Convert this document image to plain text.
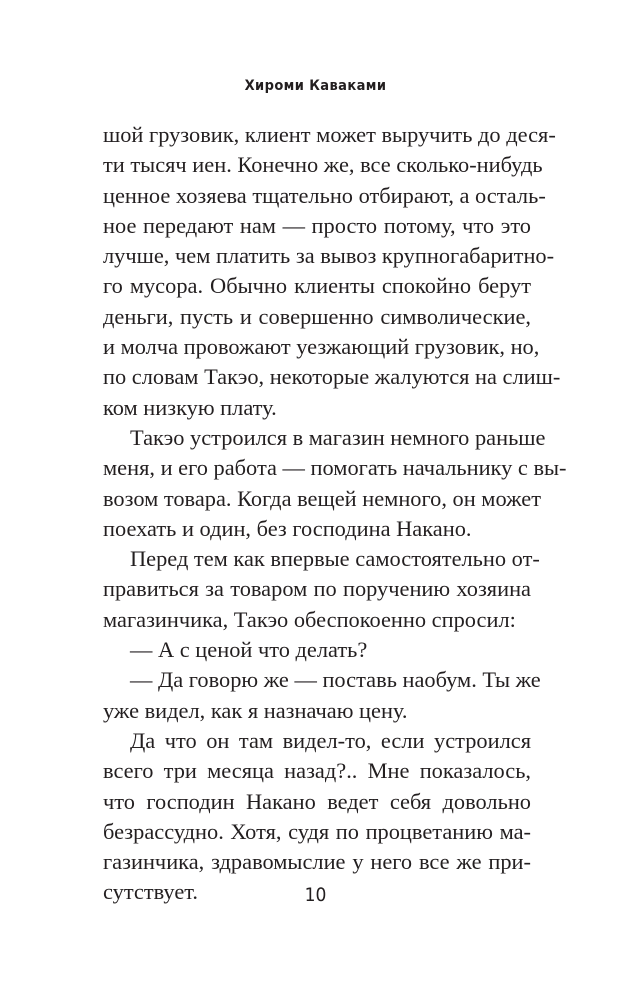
Хироми Каваками
шой грузовик, клиент может выручить до деся-
ти тысяч иен. Конечно же, все сколько-нибудь
ценное хозяева тщательно отбирают, а осталь-
ное передают нам — просто потому, что это
лучше, чем платить за вывоз крупногабаритно-
го мусора. Обычно клиенты спокойно берут
деньги, пусть и совершенно символические,
и молча провожают уезжающий грузовик, но,
по словам Такэо, некоторые жалуются на слиш-
ком низкую плату.
Такэо устроился в магазин немного раньше
меня, и его работа — помогать начальнику с вы-
возом товара. Когда вещей немного, он может
поехать и один, без господина Накано.
Перед тем как впервые самостоятельно от-
правиться за товаром по поручению хозяина
магазинчика, Такэо обеспокоенно спросил:
— А с ценой что делать?
— Да говорю же — поставь наобум. Ты же
уже видел, как я назначаю цену.
Да что он там видел-то, если устроился
всего три месяца назад?.. Мне показалось,
что господин Накано ведет себя довольно
безрассудно. Хотя, судя по процветанию ма-
газинчика, здравомыслие у него все же при-
сутствует.	10
